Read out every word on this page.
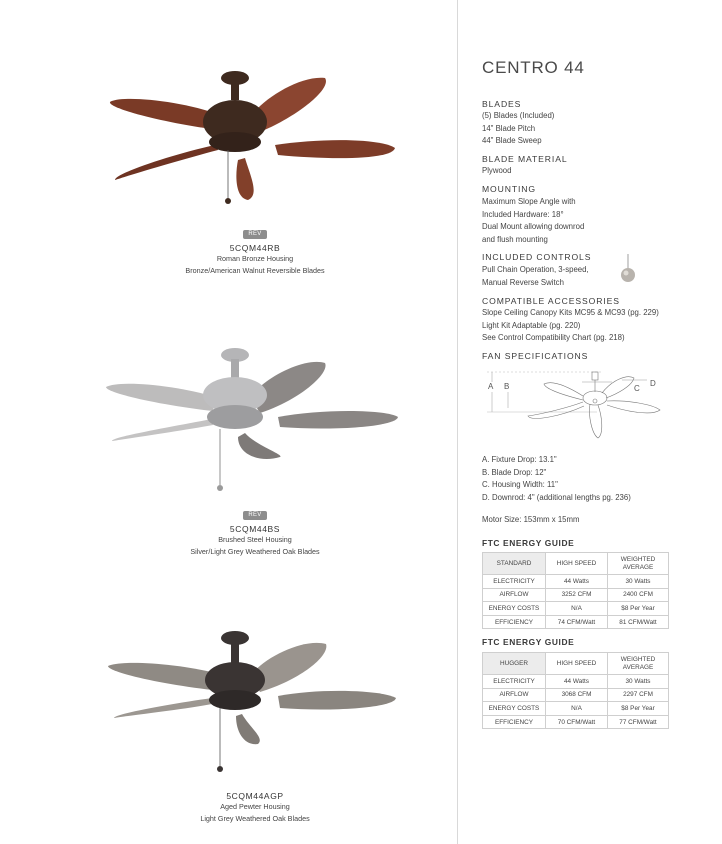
REV
5CQM44RB
Roman Bronze Housing
Bronze/American Walnut Reversible Blades
REV
5CQM44BS
Brushed Steel Housing
Silver/Light Grey Weathered Oak Blades
5CQM44AGP
Aged Pewter Housing
Light Grey Weathered Oak Blades
CENTRO 44
BLADES
(5) Blades (Included)
14" Blade Pitch
44" Blade Sweep
BLADE MATERIAL
Plywood
MOUNTING
Maximum Slope Angle with
Included Hardware: 18°
Dual Mount allowing downrod
and flush mounting
INCLUDED CONTROLS
Pull Chain Operation, 3-speed,
Manual Reverse Switch
COMPATIBLE ACCESSORIES
Slope Ceiling Canopy Kits MC95 & MC93 (pg. 229)
Light Kit Adaptable (pg. 220)
See Control Compatibility Chart (pg. 218)
FAN SPECIFICATIONS
A B	C
D
A. Fixture Drop: 13.1"
B. Blade Drop: 12"
C. Housing Width: 11"
D. Downrod: 4" (additional lengths pg. 236)
Motor Size: 153mm x 15mm
FTC ENERGY GUIDE
STANDARD	HIGH SPEED	WEIGHTED
AVERAGE

ELECTRICITY	44 Watts	30 Watts
AIRFLOW	3252 CFM	2400 CFM
ENERGY COSTS	N/A	$8 Per Year
EFFICIENCY	74 CFM/Watt	81 CFM/Watt
FTC ENERGY GUIDE
HUGGER	HIGH SPEED	WEIGHTED
AVERAGE

ELECTRICITY	44 Watts	30 Watts
AIRFLOW	3068 CFM	2297 CFM
ENERGY COSTS	N/A	$8 Per Year
EFFICIENCY	70 CFM/Watt	77 CFM/Watt
